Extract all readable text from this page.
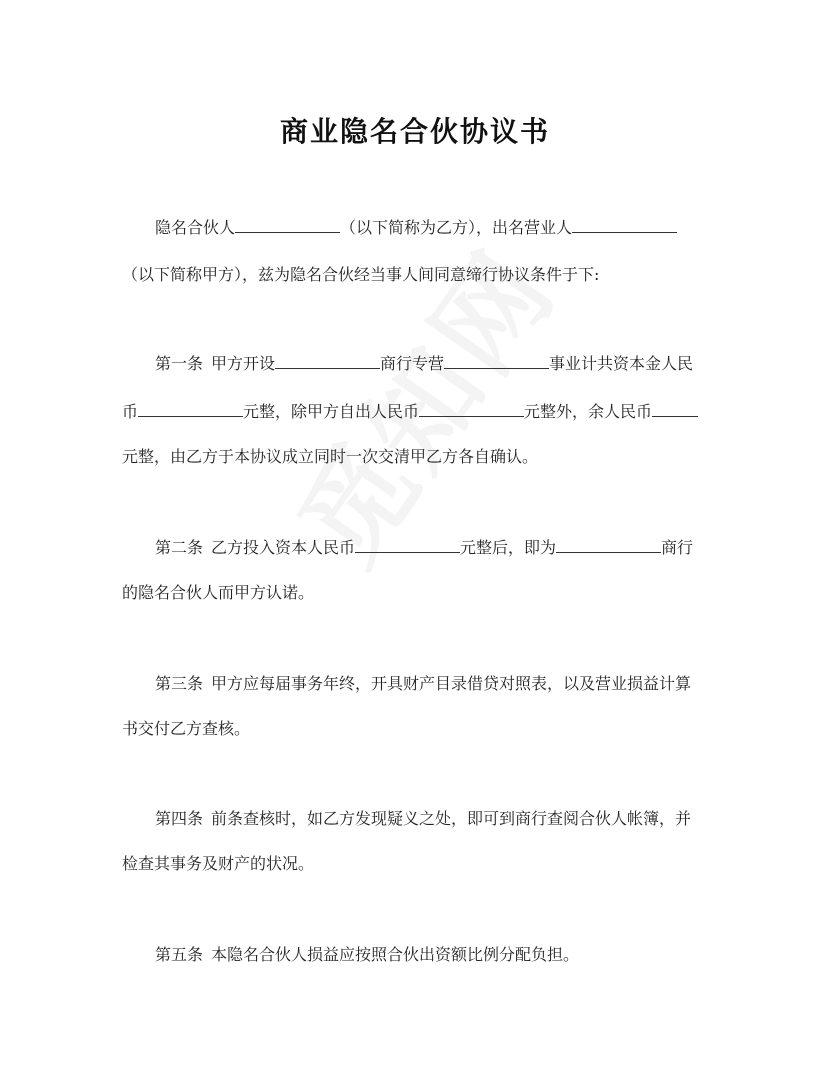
商业隐名合伙协议书
隐名合伙人	（以下简称为乙方），出名营业人
（以下简称甲方），兹为隐名合伙经当事人间同意缔行协议条件于下:
第一条 甲方开设	商行专营	事业计共资本金人民
币	元整，除甲方自出人民币	元整外，余人民币
元整，由乙方于本协议成立同时一次交清甲乙方各自确认。
第二条 乙方投入资本人民币	元整后，即为	商行
的隐名合伙人而甲方认诺。
第三条 甲方应每届事务年终，开具财产目录借贷对照表，以及营业损益计算
书交付乙方查核。
第四条 前条查核时，如乙方发现疑义之处，即可到商行查阅合伙人帐簿，并
检查其事务及财产的状况。
第五条 本隐名合伙人损益应按照合伙出资额比例分配负担。
